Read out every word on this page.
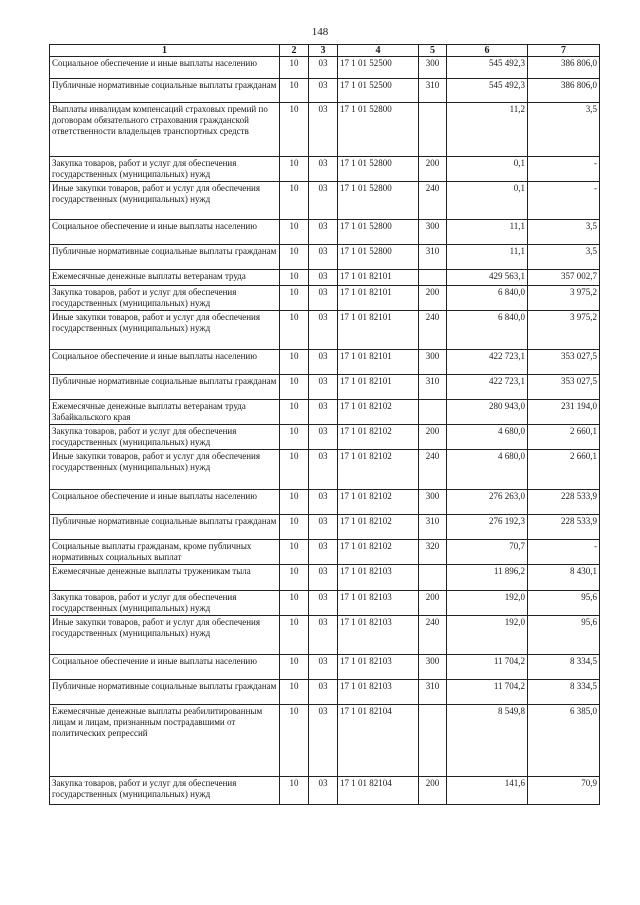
148
1	2	3	4	5	6	7
Социальное обеспечение и иные выплаты населению	10	03	17 1 01 52500	300	545 492,3	386 806,0
Публичные нормативные социальные выплаты гражданам	10	03	17 1 01 52500	310	545 492,3	386 806,0
Выплаты инвалидам компенсаций страховых премий по договорам обязательного страхования гражданской ответственности владельцев транспортных средств	10	03	17 1 01 52800		11,2	3,5
Закупка товаров, работ и услуг для обеспечения государственных (муниципальных) нужд	10	03	17 1 01 52800	200	0,1	-
Иные закупки товаров, работ и услуг для обеспечения государственных (муниципальных) нужд	10	03	17 1 01 52800	240	0,1	-
Социальное обеспечение и иные выплаты населению	10	03	17 1 01 52800	300	11,1	3,5
Публичные нормативные социальные выплаты гражданам	10	03	17 1 01 52800	310	11,1	3,5
Ежемесячные денежные выплаты ветеранам труда	10	03	17 1 01 82101		429 563,1	357 002,7
Закупка товаров, работ и услуг для обеспечения государственных (муниципальных) нужд	10	03	17 1 01 82101	200	6 840,0	3 975,2
Иные закупки товаров, работ и услуг для обеспечения государственных (муниципальных) нужд	10	03	17 1 01 82101	240	6 840,0	3 975,2
Социальное обеспечение и иные выплаты населению	10	03	17 1 01 82101	300	422 723,1	353 027,5
Публичные нормативные социальные выплаты гражданам	10	03	17 1 01 82101	310	422 723,1	353 027,5
Ежемесячные денежные выплаты ветеранам труда Забайкальского края	10	03	17 1 01 82102		280 943,0	231 194,0
Закупка товаров, работ и услуг для обеспечения государственных (муниципальных) нужд	10	03	17 1 01 82102	200	4 680,0	2 660,1
Иные закупки товаров, работ и услуг для обеспечения государственных (муниципальных) нужд	10	03	17 1 01 82102	240	4 680,0	2 660,1
Социальное обеспечение и иные выплаты населению	10	03	17 1 01 82102	300	276 263,0	228 533,9
Публичные нормативные социальные выплаты гражданам	10	03	17 1 01 82102	310	276 192,3	228 533,9
Социальные выплаты гражданам, кроме публичных нормативных социальных выплат	10	03	17 1 01 82102	320	70,7	-
Ежемесячные денежные выплаты труженикам тыла	10	03	17 1 01 82103		11 896,2	8 430,1
Закупка товаров, работ и услуг для обеспечения государственных (муниципальных) нужд	10	03	17 1 01 82103	200	192,0	95,6
Иные закупки товаров, работ и услуг для обеспечения государственных (муниципальных) нужд	10	03	17 1 01 82103	240	192,0	95,6
Социальное обеспечение и иные выплаты населению	10	03	17 1 01 82103	300	11 704,2	8 334,5
Публичные нормативные социальные выплаты гражданам	10	03	17 1 01 82103	310	11 704,2	8 334,5
Ежемесячные денежные выплаты реабилитированным лицам и лицам, признанным пострадавшими от политических репрессий	10	03	17 1 01 82104		8 549,8	6 385,0
Закупка товаров, работ и услуг для обеспечения государственных (муниципальных) нужд	10	03	17 1 01 82104	200	141,6	70,9
